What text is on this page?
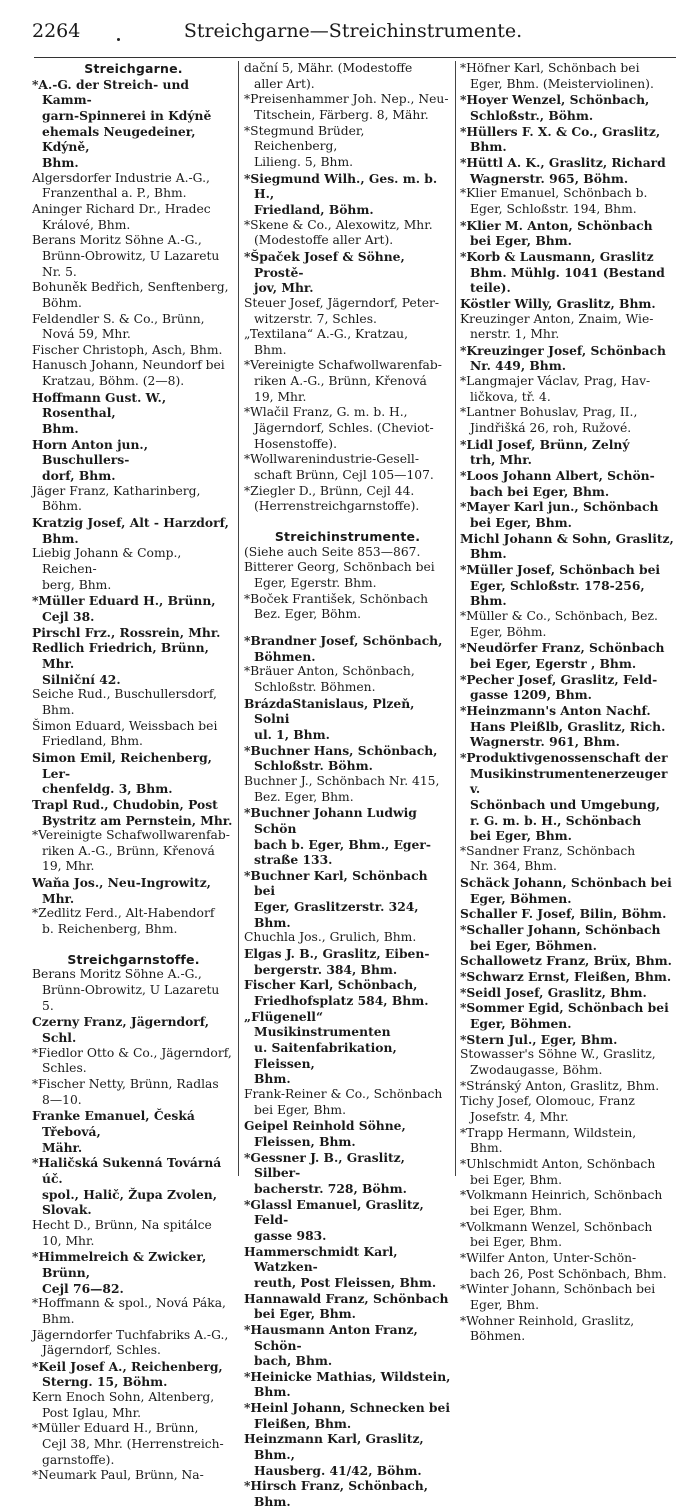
2264	Streichgarne—Streichinstrumente.
Streichgarne.
*A.-G. der Streich- und Kamm-
garn-Spinnerei in Kdýně
ehemals Neugedeiner, Kdýně,
Bhm.
Algersdorfer Industrie A.-G.,
Franzenthal a. P., Bhm.
Aninger Richard Dr., Hradec
Králové, Bhm.
Berans Moritz Söhne A.-G.,
Brünn-Obrowitz, U Lazaretu
Nr. 5.
Bohuněk Bedřich, Senftenberg,
Böhm.
Feldendler S. & Co., Brünn,
Nová 59, Mhr.
Fischer Christoph, Asch, Bhm.
Hanusch Johann, Neundorf bei
Kratzau, Böhm. (2—8).
Hoffmann Gust. W., Rosenthal,
Bhm.
Horn Anton jun., Buschullers-
dorf, Bhm.
Jäger Franz, Katharinberg,
Böhm.
Kratzig Josef, Alt - Harzdorf,
Bhm.
Liebig Johann & Comp., Reichen-
berg, Bhm.
*Müller Eduard H., Brünn,
Cejl 38.
Pirschl Frz., Rossrein, Mhr.
Redlich Friedrich, Brünn, Mhr.
Silniční 42.
Seiche Rud., Buschullersdorf,
Bhm.
Šimon Eduard, Weissbach bei
Friedland, Bhm.
Simon Emil, Reichenberg, Ler-
chenfeldg. 3, Bhm.
Trapl Rud., Chudobin, Post
Bystritz am Pernstein, Mhr.
*Vereinigte Schafwollwarenfab-
riken A.-G., Brünn, Křenová
19, Mhr.
Waňa Jos., Neu-Ingrowitz, Mhr.
*Zedlitz Ferd., Alt-Habendorf
b. Reichenberg, Bhm.
Streichgarnstoffe.
Berans Moritz Söhne A.-G.,
Brünn-Obrowitz, U Lazaretu
5.
Czerny Franz, Jägerndorf, Schl.
*Fiedlor Otto & Co., Jägerndorf,
Schles.
*Fischer Netty, Brünn, Radlas
8—10.
Franke Emanuel, Česká Třebová,
Mähr.
*Haličská Sukenná Továrná úč.
spol., Halič, Župa Zvolen,
Slovak.
Hecht D., Brünn, Na spitálce
10, Mhr.
*Himmelreich & Zwicker, Brünn,
Cejl 76—82.
*Hoffmann & spol., Nová Páka,
Bhm.
Jägerndorfer Tuchfabriks A.-G.,
Jägerndorf, Schles.
*Keil Josef A., Reichenberg,
Sterng. 15, Böhm.
Kern Enoch Sohn, Altenberg,
Post Iglau, Mhr.
*Müller Eduard H., Brünn,
Cejl 38, Mhr. (Herrenstreich-
garnstoffe).
*Neumark Paul, Brünn, Na-
dační 5, Mähr. (Modestoffe
aller Art).
*Preisenhammer Joh. Nep., Neu-
Titschein, Färberg. 8, Mähr.
*Stegmund Brüder, Reichenberg,
Lilieng. 5, Bhm.
*Siegmund Wilh., Ges. m. b. H.,
Friedland, Böhm.
*Skene & Co., Alexowitz, Mhr.
(Modestoffe aller Art).
*Špaček Josef & Söhne, Prostě-
jov, Mhr.
Steuer Josef, Jägerndorf, Peter-
witzerstr. 7, Schles.
„Textilana“ A.-G., Kratzau,
Bhm.
*Vereinigte Schafwollwarenfab-
riken A.-G., Brünn, Křenová
19, Mhr.
*Wlačil Franz, G. m. b. H.,
Jägerndorf, Schles. (Cheviot-
Hosenstoffe).
*Wollwarenindustrie-Gesell-
schaft Brünn, Cejl 105—107.
*Ziegler D., Brünn, Cejl 44.
(Herrenstreichgarnstoffe).
Streichinstrumente.
(Siehe auch Seite 853—867.
Bitterer Georg, Schönbach bei
Eger, Egerstr. Bhm.
*Boček František, Schönbach
Bez. Eger, Böhm.
*Brandner Josef, Schönbach,
Böhmen.
*Bräuer Anton, Schönbach,
Schloßstr. Böhmen.
BrázdaStanislaus, Plzeň, Solni
ul. 1, Bhm.
*Buchner Hans, Schönbach,
Schloßstr. Böhm.
Buchner J., Schönbach Nr. 415,
Bez. Eger, Bhm.
*Buchner Johann Ludwig Schön
bach b. Eger, Bhm., Eger-
straße 133.
*Buchner Karl, Schönbach bei
Eger, Graslitzerstr. 324, Bhm.
Chuchla Jos., Grulich, Bhm.
Elgas J. B., Graslitz, Eiben-
bergerstr. 384, Bhm.
Fischer Karl, Schönbach,
Friedhofsplatz 584, Bhm.
„Flügenell“ Musikinstrumenten
u. Saitenfabrikation, Fleissen,
Bhm.
Frank-Reiner & Co., Schönbach
bei Eger, Bhm.
Geipel Reinhold Söhne,
Fleissen, Bhm.
*Gessner J. B., Graslitz, Silber-
bacherstr. 728, Böhm.
*Glassl Emanuel, Graslitz, Feld-
gasse 983.
Hammerschmidt Karl, Watzken-
reuth, Post Fleissen, Bhm.
Hannawald Franz, Schönbach
bei Eger, Bhm.
*Hausmann Anton Franz, Schön-
bach, Bhm.
*Heinicke Mathias, Wildstein,
Bhm.
*Heinl Johann, Schnecken bei
Fleißen, Bhm.
Heinzmann Karl, Graslitz, Bhm.,
Hausberg. 41/42, Böhm.
*Hirsch Franz, Schönbach, Bhm.
*Höfner Karl, Schönbach bei
Eger, Bhm. (Meisterviolinen).
*Hoyer Wenzel, Schönbach,
Schloßstr., Böhm.
*Hüllers F. X. & Co., Graslitz,
Bhm.
*Hüttl A. K., Graslitz, Richard
Wagnerstr. 965, Böhm.
*Klier Emanuel, Schönbach b.
Eger, Schloßstr. 194, Bhm.
*Klier M. Anton, Schönbach
bei Eger, Bhm.
*Korb & Lausmann, Graslitz
Bhm. Mühlg. 1041 (Bestand
teile).
Köstler Willy, Graslitz, Bhm.
Kreuzinger Anton, Znaim, Wie-
nerstr. 1, Mhr.
*Kreuzinger Josef, Schönbach
Nr. 449, Bhm.
*Langmajer Václav, Prag, Hav-
ličkova, tř. 4.
*Lantner Bohuslav, Prag, II.,
Jindřišká 26, roh, Ružové.
*Lidl Josef, Brünn, Zelný
trh, Mhr.
*Loos Johann Albert, Schön-
bach bei Eger, Bhm.
*Mayer Karl jun., Schönbach
bei Eger, Bhm.
Michl Johann & Sohn, Graslitz,
Bhm.
*Müller Josef, Schönbach bei
Eger, Schloßstr. 178-256, Bhm.
*Müller & Co., Schönbach, Bez.
Eger, Böhm.
*Neudörfer Franz, Schönbach
bei Eger, Egerstr , Bhm.
*Pecher Josef, Graslitz, Feld-
gasse 1209, Bhm.
*Heinzmann's Anton Nachf.
Hans Pleißlb, Graslitz, Rich.
Wagnerstr. 961, Bhm.
*Produktivgenossenschaft der
Musikinstrumentenerzeuger v.
Schönbach und Umgebung,
r. G. m. b. H., Schönbach
bei Eger, Bhm.
*Sandner Franz, Schönbach
Nr. 364, Bhm.
Schäck Johann, Schönbach bei
Eger, Böhmen.
Schaller F. Josef, Bilin, Böhm.
*Schaller Johann, Schönbach
bei Eger, Böhmen.
Schallowetz Franz, Brüx, Bhm.
*Schwarz Ernst, Fleißen, Bhm.
*Seidl Josef, Graslitz, Bhm.
*Sommer Egid, Schönbach bei
Eger, Böhmen.
*Stern Jul., Eger, Bhm.
Stowasser's Söhne W., Graslitz,
Zwodaugasse, Böhm.
*Stránský Anton, Graslitz, Bhm.
Tichy Josef, Olomouc, Franz
Josefstr. 4, Mhr.
*Trapp Hermann, Wildstein,
Bhm.
*Uhlschmidt Anton, Schönbach
bei Eger, Bhm.
*Volkmann Heinrich, Schönbach
bei Eger, Bhm.
*Volkmann Wenzel, Schönbach
bei Eger, Bhm.
*Wilfer Anton, Unter-Schön-
bach 26, Post Schönbach, Bhm.
*Winter Johann, Schönbach bei
Eger, Bhm.
*Wohner Reinhold, Graslitz,
Böhmen.
